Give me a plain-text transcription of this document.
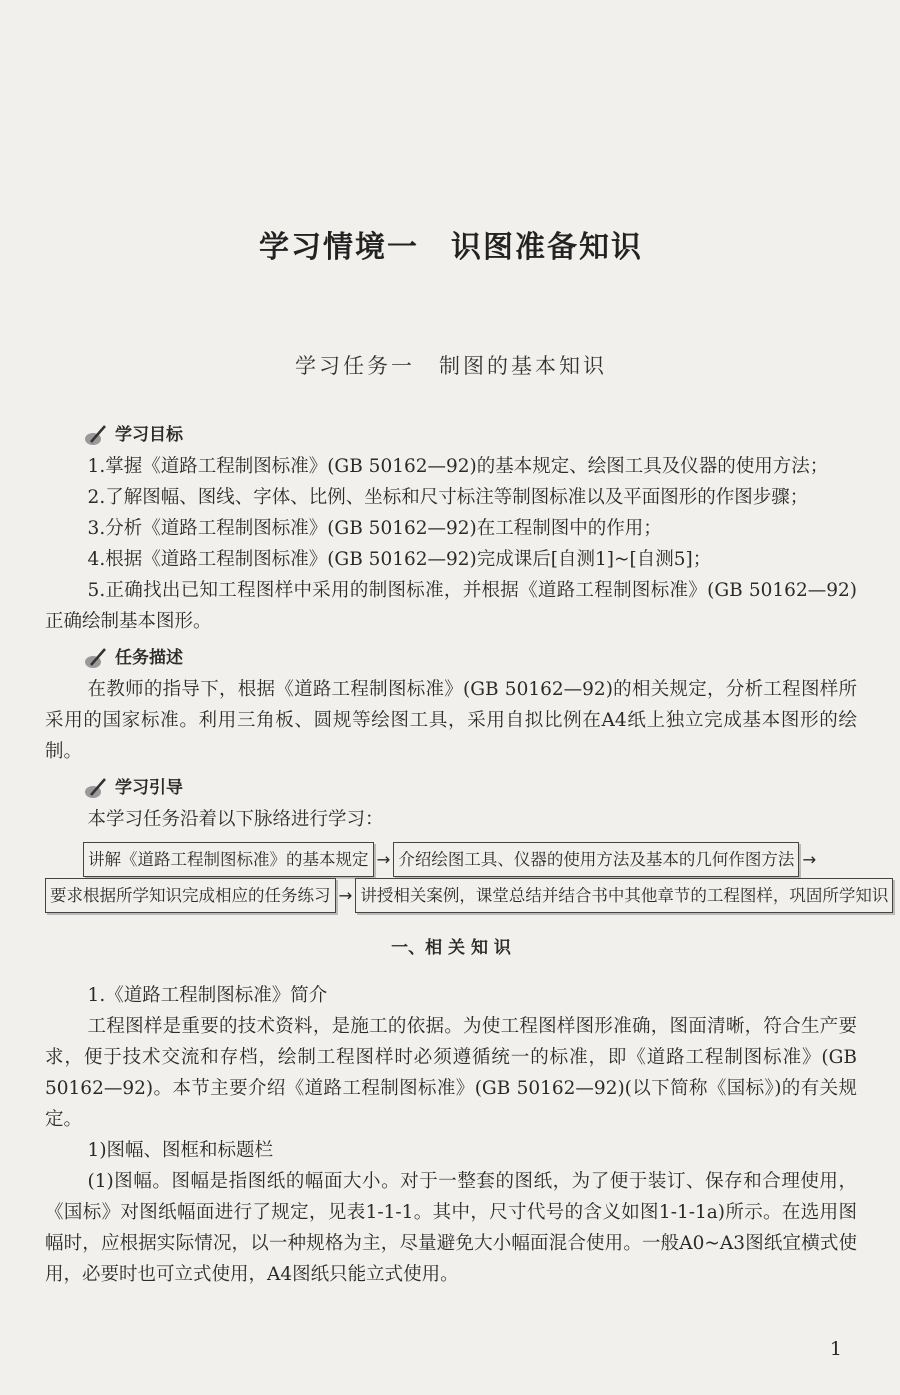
学习情境一　识图准备知识
学习任务一　制图的基本知识
学习目标

1.掌握《道路工程制图标准》(GB 50162—92)的基本规定、绘图工具及仪器的使用方法；

2.了解图幅、图线、字体、比例、坐标和尺寸标注等制图标准以及平面图形的作图步骤；

3.分析《道路工程制图标准》(GB 50162—92)在工程制图中的作用；

4.根据《道路工程制图标准》(GB 50162—92)完成课后[自测1]~[自测5]；

5.正确找出已知工程图样中采用的制图标准，并根据《道路工程制图标准》(GB 50162—92)正确绘制基本图形。

任务描述

在教师的指导下，根据《道路工程制图标准》(GB 50162—92)的相关规定，分析工程图样所采用的国家标准。利用三角板、圆规等绘图工具，采用自拟比例在A4纸上独立完成基本图形的绘制。

学习引导

本学习任务沿着以下脉络进行学习：

讲解《道路工程制图标准》的基本规定 → 介绍绘图工具、仪器的使用方法及基本的几何作图方法 →
要求根据所学知识完成相应的任务练习 → 讲授相关案例，课堂总结并结合书中其他章节的工程图样，巩固所学知识
一、相 关 知 识

1.《道路工程制图标准》简介

工程图样是重要的技术资料，是施工的依据。为使工程图样图形准确，图面清晰，符合生产要求，便于技术交流和存档，绘制工程图样时必须遵循统一的标准，即《道路工程制图标准》(GB 50162—92)。本节主要介绍《道路工程制图标准》(GB 50162—92)(以下简称《国标》)的有关规定。

1)图幅、图框和标题栏

(1)图幅。图幅是指图纸的幅面大小。对于一整套的图纸，为了便于装订、保存和合理使用，《国标》对图纸幅面进行了规定，见表1-1-1。其中，尺寸代号的含义如图1-1-1a)所示。在选用图幅时，应根据实际情况，以一种规格为主，尽量避免大小幅面混合使用。一般A0~A3图纸宜横式使用，必要时也可立式使用，A4图纸只能立式使用。

1
